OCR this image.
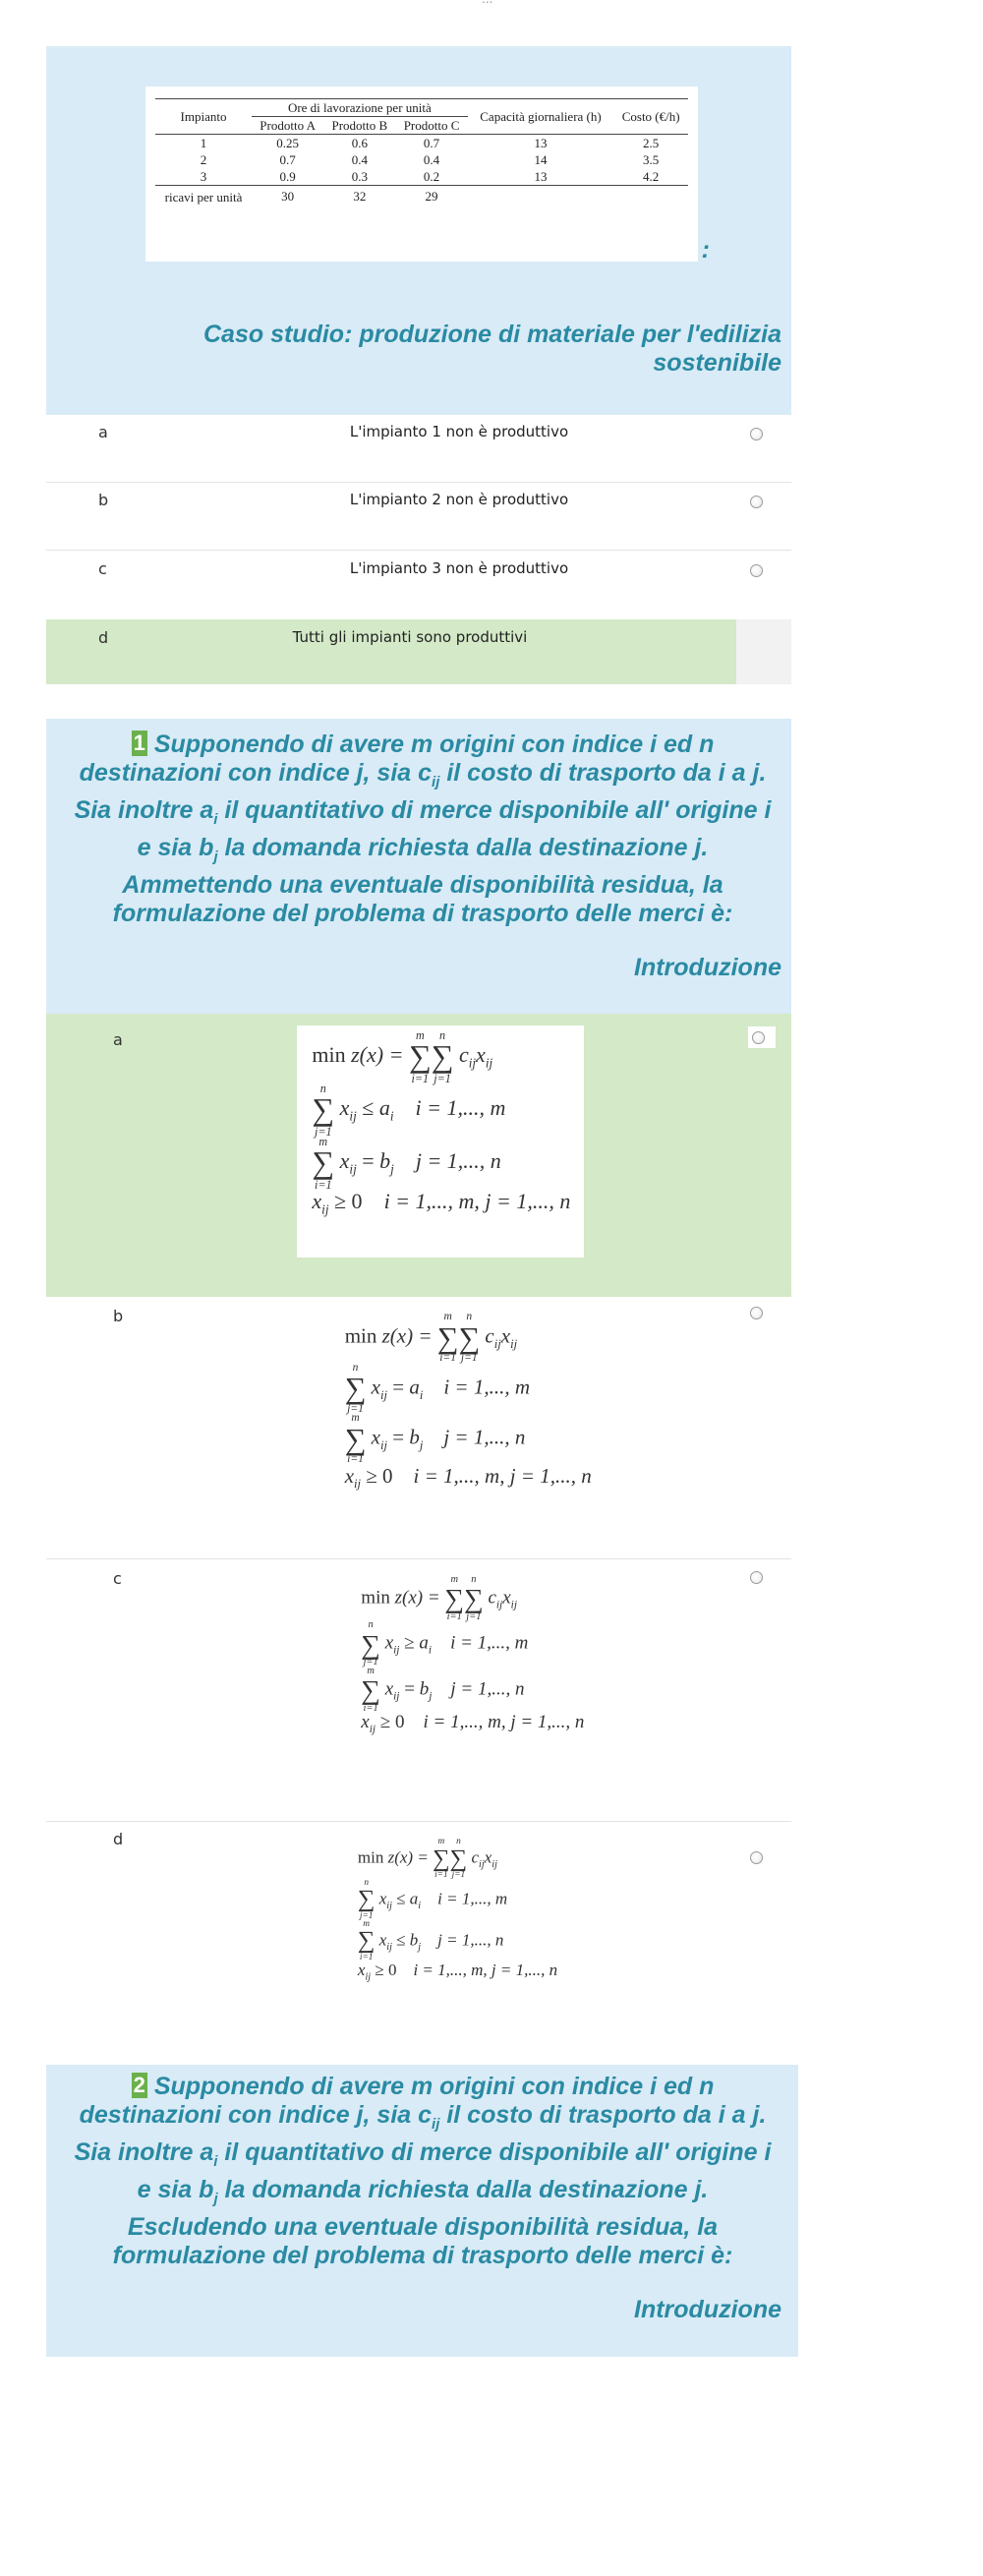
Impianto	Ore di lavorazione per unità			Capacità giornaliera (h)	Costo (€/h)
	Prodotto A	Prodotto B	Prodotto C		
1	0.25	0.6	0.7	13	2.5
2	0.7	0.4	0.4	14	3.5
3	0.9	0.3	0.2	13	4.2
ricavi per unità	30	32	29		
:
Caso studio: produzione di materiale per l'edilizia sostenibile
a	L'impianto 1 non è produttivo
b	L'impianto 2 non è produttivo
c	L'impianto 3 non è produttivo
d	Tutti gli impianti sono produttivi
1 Supponendo di avere m origini con indice i ed n
destinazioni con indice j, sia $c_{ij}$ il costo di trasporto da i a j.
Sia inoltre $a_i$ il quantitativo di merce disponibile all' origine i
e sia $b_j$ la domanda richiesta dalla destinazione j.
Ammettendo una eventuale disponibilità residua, la
formulazione del problema di trasporto delle merci è:
Introduzione
a
b
c
d
min z(x) =
m
∑
i=1
n
∑
j=1
$c_{ij}x_{ij}$
n
∑
j=1
$x_{ij} \le a_i$    i = 1,..., m
m
∑
i=1
$x_{ij} = b_j$    j = 1,..., n
$x_{ij} \ge 0$    i = 1,..., m, j = 1,..., n
min z(x) =
m
∑
i=1
n
∑
j=1
$c_{ij}x_{ij}$
n
∑
j=1
$x_{ij} = a_i$    i = 1,..., m
m
∑
i=1
$x_{ij} = b_j$    j = 1,..., n
$x_{ij} \ge 0$    i = 1,..., m, j = 1,..., n
min z(x) =
m
∑
i=1
n
∑
j=1
$c_{ij}x_{ij}$
n
∑
j=1
$x_{ij} \ge a_i$    i = 1,..., m
m
∑
i=1
$x_{ij} = b_j$    j = 1,..., n
$x_{ij} \ge 0$    i = 1,..., m, j = 1,..., n
min z(x) =
m
∑
i=1
n
∑
j=1
$c_{ij}x_{ij}$
n
∑
j=1
$x_{ij} \le a_i$    i = 1,..., m
m
∑
i=1
$x_{ij} \le b_j$    j = 1,..., n
$x_{ij} \ge 0$    i = 1,..., m, j = 1,..., n
2 Supponendo di avere m origini con indice i ed n
destinazioni con indice j, sia $c_{ij}$ il costo di trasporto da i a j.
Sia inoltre $a_i$ il quantitativo di merce disponibile all' origine i
e sia $b_j$ la domanda richiesta dalla destinazione j.
Escludendo una eventuale disponibilità residua, la
formulazione del problema di trasporto delle merci è:
Introduzione
